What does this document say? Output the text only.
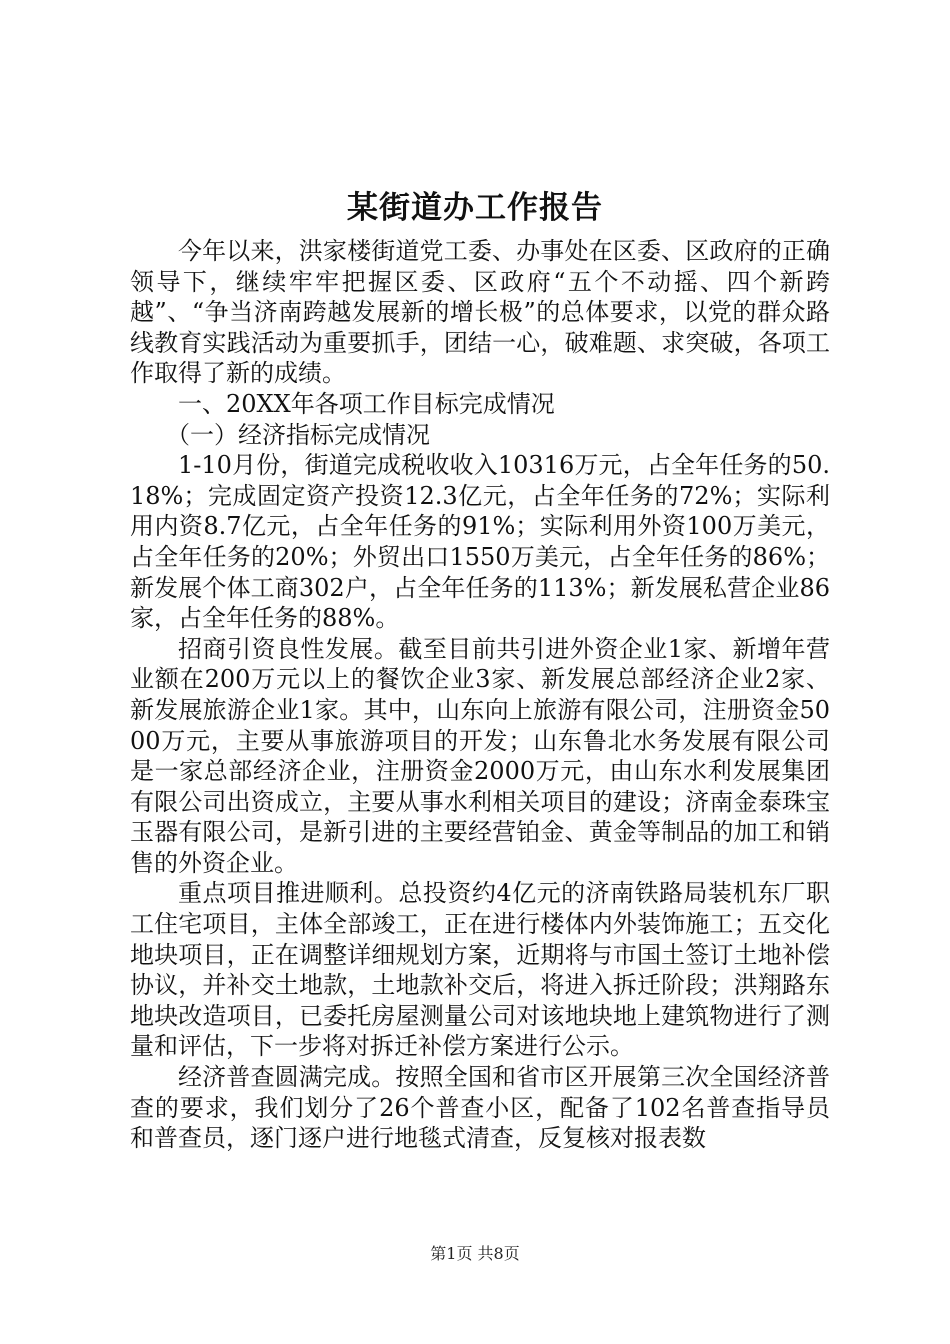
某街道办工作报告

今年以来，洪家楼街道党工委、办事处在区委、区政府的正确领导下，继续牢牢把握区委、区政府“五个不动摇、四个新跨越”、“争当济南跨越发展新的增长极”的总体要求，以党的群众路线教育实践活动为重要抓手，团结一心，破难题、求突破，各项工作取得了新的成绩。

一、20XX年各项工作目标完成情况

（一）经济指标完成情况

1-10月份，街道完成税收收入10316万元，占全年任务的50.18%；完成固定资产投资12.3亿元，占全年任务的72%；实际利用内资8.7亿元，占全年任务的91%；实际利用外资100万美元，占全年任务的20%；外贸出口1550万美元，占全年任务的86%；新发展个体工商302户，占全年任务的113%；新发展私营企业86家，占全年任务的88%。

招商引资良性发展。截至目前共引进外资企业1家、新增年营业额在200万元以上的餐饮企业3家、新发展总部经济企业2家、新发展旅游企业1家。其中，山东向上旅游有限公司，注册资金5000万元，主要从事旅游项目的开发；山东鲁北水务发展有限公司是一家总部经济企业，注册资金2000万元，由山东水利发展集团有限公司出资成立，主要从事水利相关项目的建设；济南金泰珠宝玉器有限公司，是新引进的主要经营铂金、黄金等制品的加工和销售的外资企业。

重点项目推进顺利。总投资约4亿元的济南铁路局装机东厂职工住宅项目，主体全部竣工，正在进行楼体内外装饰施工；五交化地块项目，正在调整详细规划方案，近期将与市国土签订土地补偿协议，并补交土地款，土地款补交后，将进入拆迁阶段；洪翔路东地块改造项目，已委托房屋测量公司对该地块地上建筑物进行了测量和评估，下一步将对拆迁补偿方案进行公示。

经济普查圆满完成。按照全国和省市区开展第三次全国经济普查的要求，我们划分了26个普查小区，配备了102名普查指导员和普查员，逐门逐户进行地毯式清查，反复核对报表数

第1页 共8页
